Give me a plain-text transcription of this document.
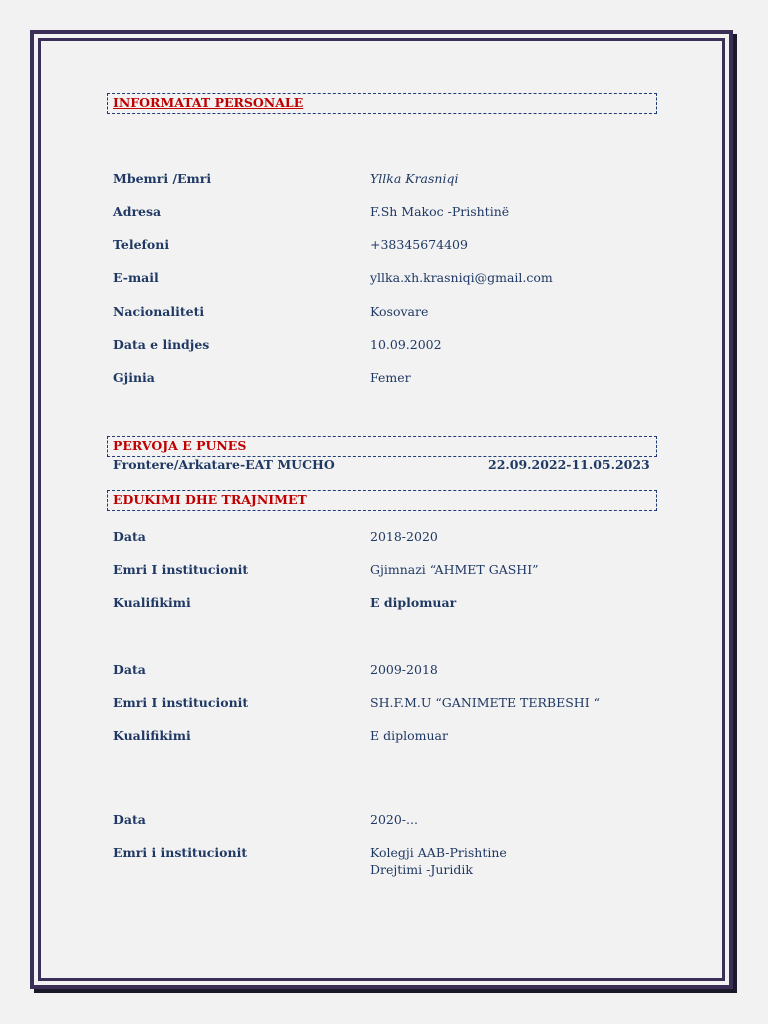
INFORMATAT PERSONALE
Mbemri /Emri	Yllka Krasniqi
Adresa	F.Sh Makoc -Prishtinë
Telefoni	+38345674409
E-mail	yllka.xh.krasniqi@gmail.com
Nacionaliteti	Kosovare
Data e lindjes	10.09.2002
Gjinia	Femer
PERVOJA E PUNES
Frontere/Arkatare-EAT MUCHO	22.09.2022-11.05.2023
EDUKIMI DHE TRAJNIMET
Data	2018-2020
Emri I institucionit	Gjimnazi “AHMET GASHI”
Kualifikimi	E diplomuar
Data	2009-2018
Emri I institucionit	SH.F.M.U “GANIMETE TERBESHI “
Kualifikimi	E diplomuar
Data	2020-...
Emri i institucionit	Kolegji AAB-Prishtine
Drejtimi -Juridik
